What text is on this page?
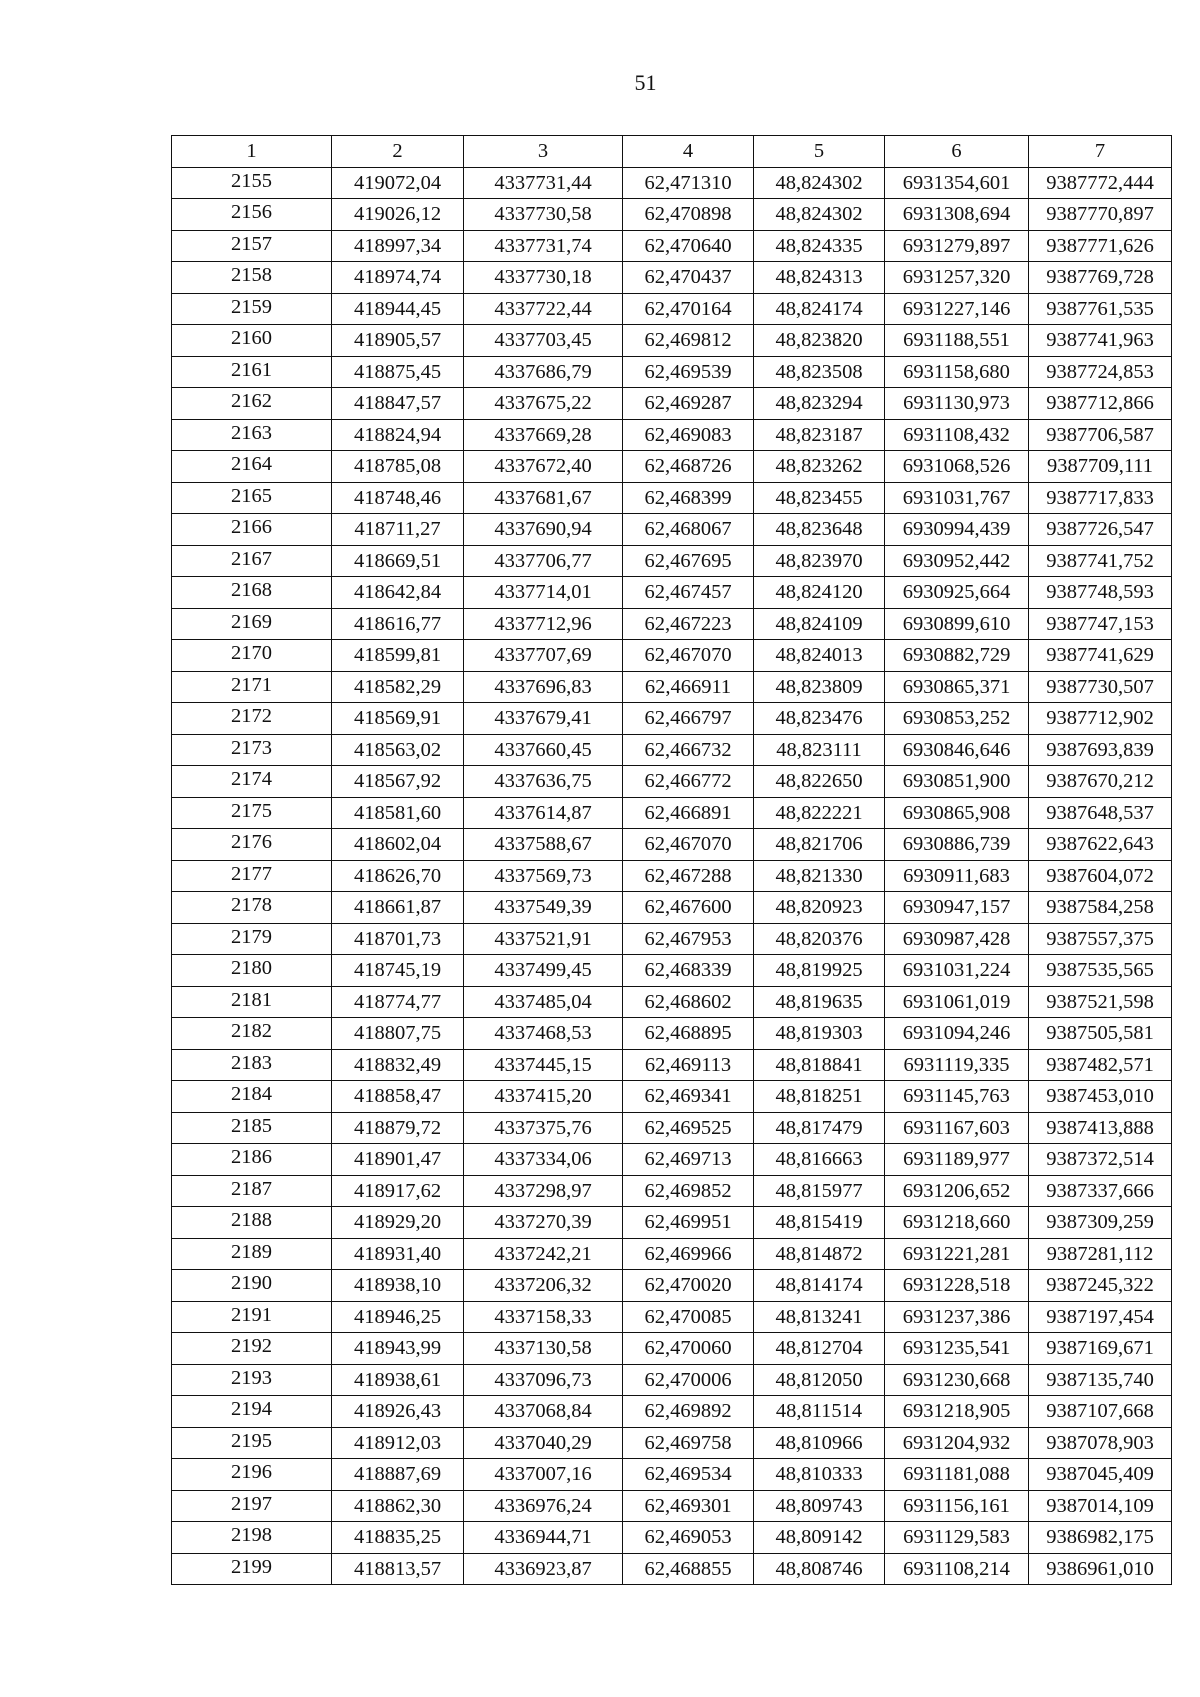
51
1	2	3	4	5	6	7
2155	419072,04	4337731,44	62,471310	48,824302	6931354,601	9387772,444
2156	419026,12	4337730,58	62,470898	48,824302	6931308,694	9387770,897
2157	418997,34	4337731,74	62,470640	48,824335	6931279,897	9387771,626
2158	418974,74	4337730,18	62,470437	48,824313	6931257,320	9387769,728
2159	418944,45	4337722,44	62,470164	48,824174	6931227,146	9387761,535
2160	418905,57	4337703,45	62,469812	48,823820	6931188,551	9387741,963
2161	418875,45	4337686,79	62,469539	48,823508	6931158,680	9387724,853
2162	418847,57	4337675,22	62,469287	48,823294	6931130,973	9387712,866
2163	418824,94	4337669,28	62,469083	48,823187	6931108,432	9387706,587
2164	418785,08	4337672,40	62,468726	48,823262	6931068,526	9387709,111
2165	418748,46	4337681,67	62,468399	48,823455	6931031,767	9387717,833
2166	418711,27	4337690,94	62,468067	48,823648	6930994,439	9387726,547
2167	418669,51	4337706,77	62,467695	48,823970	6930952,442	9387741,752
2168	418642,84	4337714,01	62,467457	48,824120	6930925,664	9387748,593
2169	418616,77	4337712,96	62,467223	48,824109	6930899,610	9387747,153
2170	418599,81	4337707,69	62,467070	48,824013	6930882,729	9387741,629
2171	418582,29	4337696,83	62,466911	48,823809	6930865,371	9387730,507
2172	418569,91	4337679,41	62,466797	48,823476	6930853,252	9387712,902
2173	418563,02	4337660,45	62,466732	48,823111	6930846,646	9387693,839
2174	418567,92	4337636,75	62,466772	48,822650	6930851,900	9387670,212
2175	418581,60	4337614,87	62,466891	48,822221	6930865,908	9387648,537
2176	418602,04	4337588,67	62,467070	48,821706	6930886,739	9387622,643
2177	418626,70	4337569,73	62,467288	48,821330	6930911,683	9387604,072
2178	418661,87	4337549,39	62,467600	48,820923	6930947,157	9387584,258
2179	418701,73	4337521,91	62,467953	48,820376	6930987,428	9387557,375
2180	418745,19	4337499,45	62,468339	48,819925	6931031,224	9387535,565
2181	418774,77	4337485,04	62,468602	48,819635	6931061,019	9387521,598
2182	418807,75	4337468,53	62,468895	48,819303	6931094,246	9387505,581
2183	418832,49	4337445,15	62,469113	48,818841	6931119,335	9387482,571
2184	418858,47	4337415,20	62,469341	48,818251	6931145,763	9387453,010
2185	418879,72	4337375,76	62,469525	48,817479	6931167,603	9387413,888
2186	418901,47	4337334,06	62,469713	48,816663	6931189,977	9387372,514
2187	418917,62	4337298,97	62,469852	48,815977	6931206,652	9387337,666
2188	418929,20	4337270,39	62,469951	48,815419	6931218,660	9387309,259
2189	418931,40	4337242,21	62,469966	48,814872	6931221,281	9387281,112
2190	418938,10	4337206,32	62,470020	48,814174	6931228,518	9387245,322
2191	418946,25	4337158,33	62,470085	48,813241	6931237,386	9387197,454
2192	418943,99	4337130,58	62,470060	48,812704	6931235,541	9387169,671
2193	418938,61	4337096,73	62,470006	48,812050	6931230,668	9387135,740
2194	418926,43	4337068,84	62,469892	48,811514	6931218,905	9387107,668
2195	418912,03	4337040,29	62,469758	48,810966	6931204,932	9387078,903
2196	418887,69	4337007,16	62,469534	48,810333	6931181,088	9387045,409
2197	418862,30	4336976,24	62,469301	48,809743	6931156,161	9387014,109
2198	418835,25	4336944,71	62,469053	48,809142	6931129,583	9386982,175
2199	418813,57	4336923,87	62,468855	48,808746	6931108,214	9386961,010
